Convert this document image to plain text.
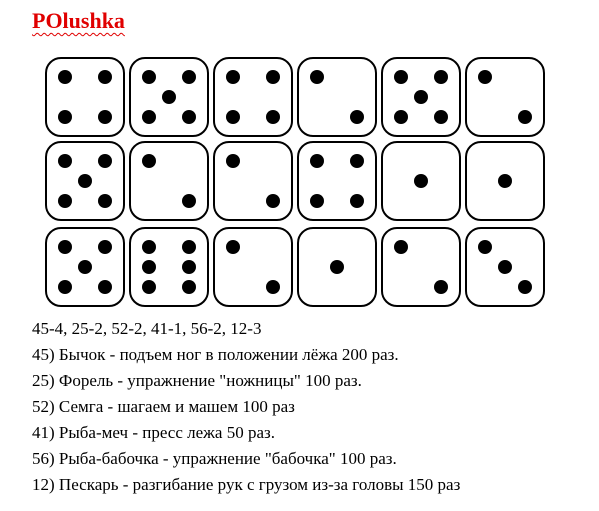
POlushka
45-4, 25-2, 52-2, 41-1, 56-2, 12-3
45) Бычок - подъем ног в положении лёжа 200 раз.
25) Форель - упражнение "ножницы" 100 раз.
52) Семга - шагаем и машем 100 раз
41) Рыба-меч - пресс лежа 50 раз.
56) Рыба-бабочка - упражнение "бабочка" 100 раз.
12) Пескарь - разгибание рук с грузом из-за головы 150 раз
